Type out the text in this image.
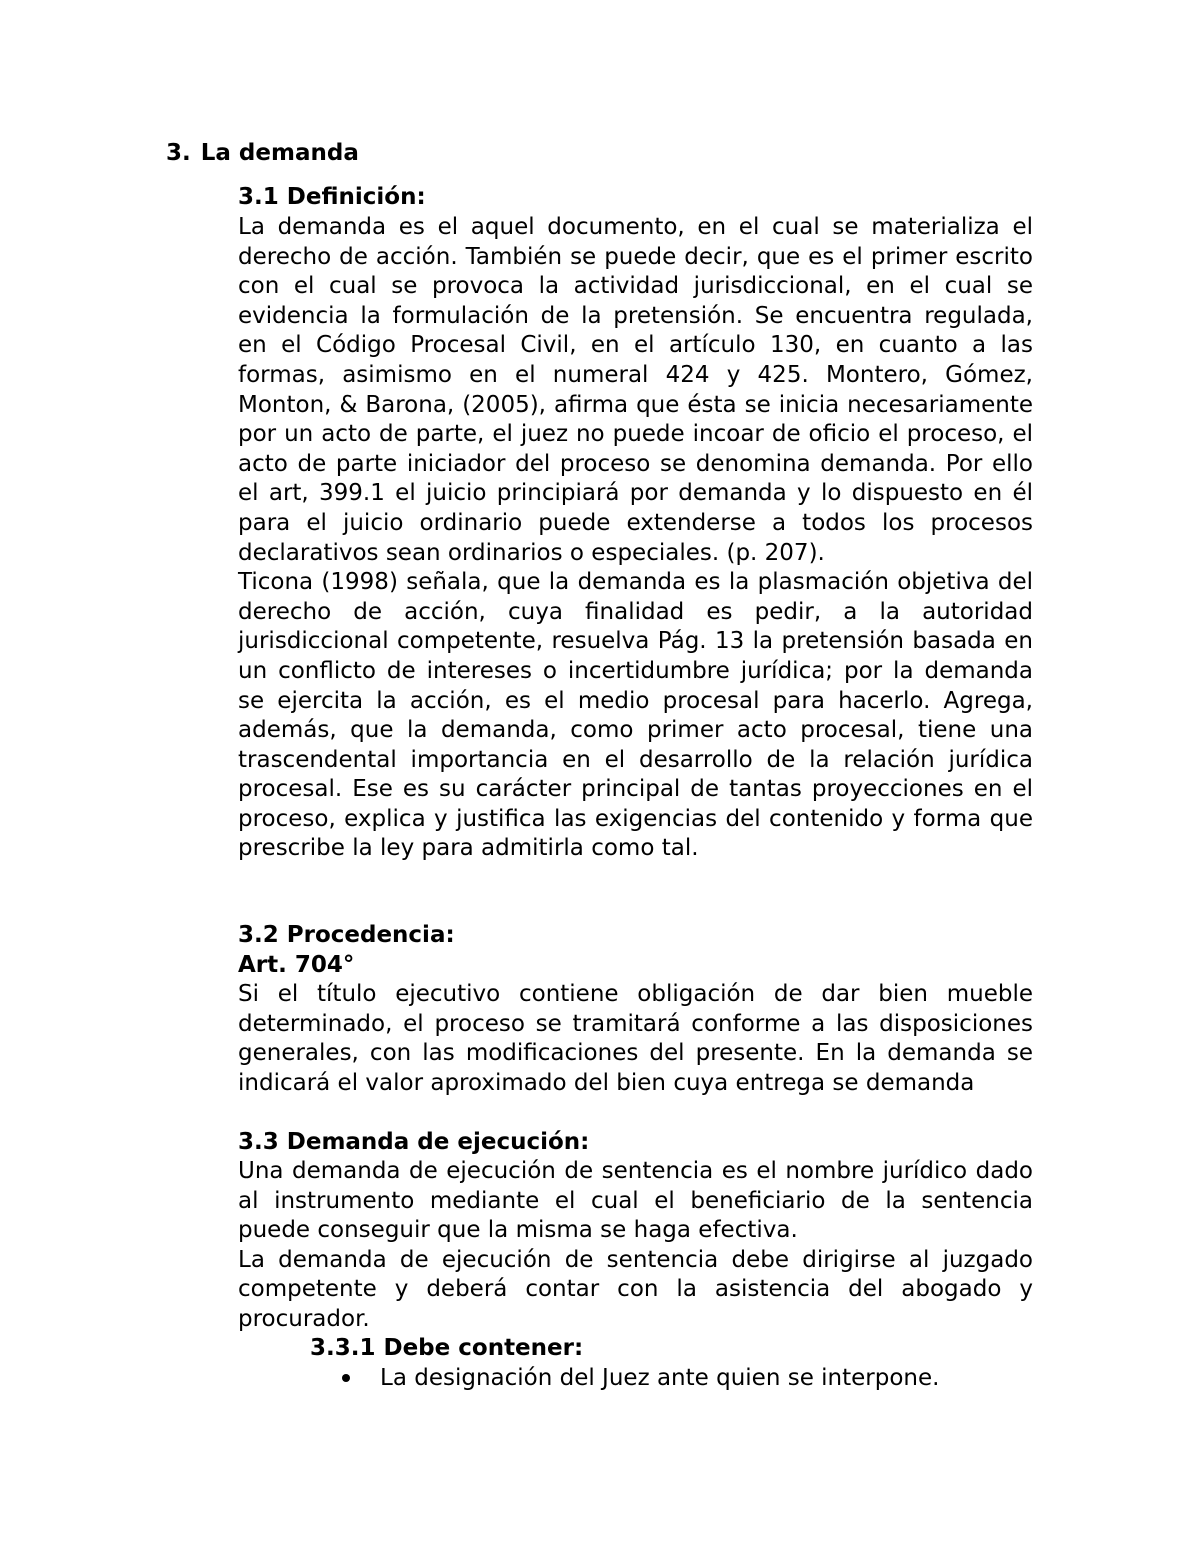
3. La demanda
3.1 Definición:

La demanda es el aquel documento, en el cual se materializa el derecho de acción. También se puede decir, que es el primer escrito con el cual se provoca la actividad jurisdiccional, en el cual se evidencia la formulación de la pretensión. Se encuentra regulada, en el Código Procesal Civil, en el artículo 130, en cuanto a las formas, asimismo en el numeral 424 y 425. Montero, Gómez, Monton, & Barona, (2005), afirma que ésta se inicia necesariamente por un acto de parte, el juez no puede incoar de oficio el proceso, el acto de parte iniciador del proceso se denomina demanda. Por ello el art, 399.1 el juicio principiará por demanda y lo dispuesto en él para el juicio ordinario puede extenderse a todos los procesos declarativos sean ordinarios o especiales. (p. 207).

Ticona (1998) señala, que la demanda es la plasmación objetiva del derecho de acción, cuya finalidad es pedir, a la autoridad jurisdiccional competente, resuelva Pág. 13 la pretensión basada en un conflicto de intereses o incertidumbre jurídica; por la demanda se ejercita la acción, es el medio procesal para hacerlo. Agrega, además, que la demanda, como primer acto procesal, tiene una trascendental importancia en el desarrollo de la relación jurídica procesal. Ese es su carácter principal de tantas proyecciones en el proceso, explica y justifica las exigencias del contenido y forma que prescribe la ley para admitirla como tal.

3.2 Procedencia:
Art. 704°

Si el título ejecutivo contiene obligación de dar bien mueble determinado, el proceso se tramitará conforme a las disposiciones generales, con las modificaciones del presente. En la demanda se indicará el valor aproximado del bien cuya entrega se demanda

3.3 Demanda de ejecución:

Una demanda de ejecución de sentencia es el nombre jurídico dado al instrumento mediante el cual el beneficiario de la sentencia puede conseguir que la misma se haga efectiva.

La demanda de ejecución de sentencia debe dirigirse al juzgado competente y deberá contar con la asistencia del abogado y procurador.

3.3.1 Debe contener:
La designación del Juez ante quien se interpone.
